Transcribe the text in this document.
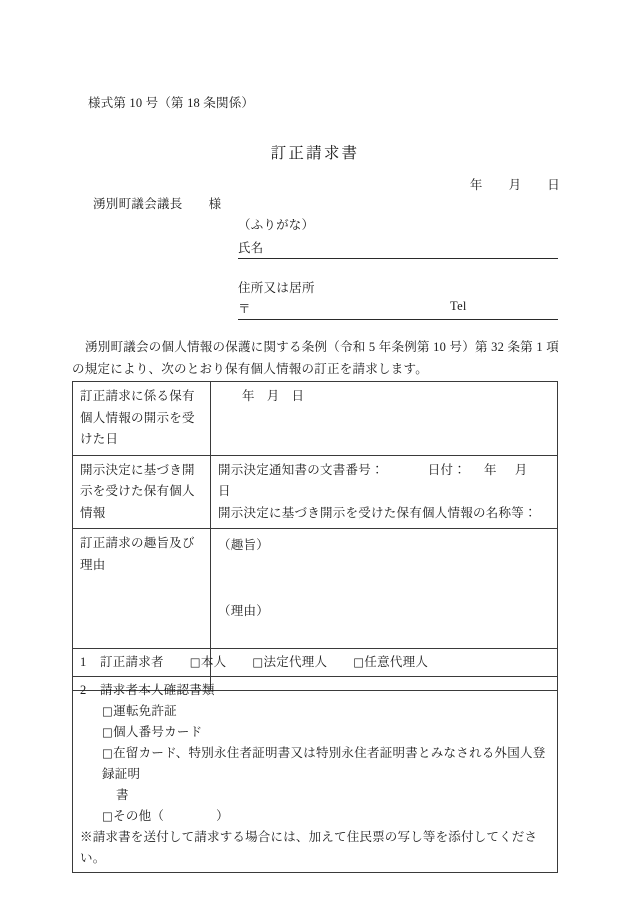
様式第 10 号（第 18 条関係）
訂正請求書
年 月 日
湧別町議会議長 様
（ふりがな）
氏名
住所又は居所
〒	Tel
湧別町議会の個人情報の保護に関する条例（令和 5 年条例第 10 号）第 32 条第 1 項の規定により、次のとおり保有個人情報の訂正を請求します。
訂正請求に係る保有個人情報の開示を受けた日	年 月 日
開示決定に基づき開示を受けた保有個人情報	開示決定通知書の文書番号： 日付： 年 月日
開示決定に基づき開示を受けた保有個人情報の名称等：

訂正請求の趣旨及び理由	（趣旨）
（理由）
1 訂正請求者 □本人 □法定代理人 □任意代理人

2 請求者本人確認書類
□運転免許証
□個人番号カード
□在留カード、特別永住者証明書又は特別永住者証明書とみなされる外国人登録証明
書
□その他（	）
※請求書を送付して請求する場合には、加えて住民票の写し等を添付してください。
